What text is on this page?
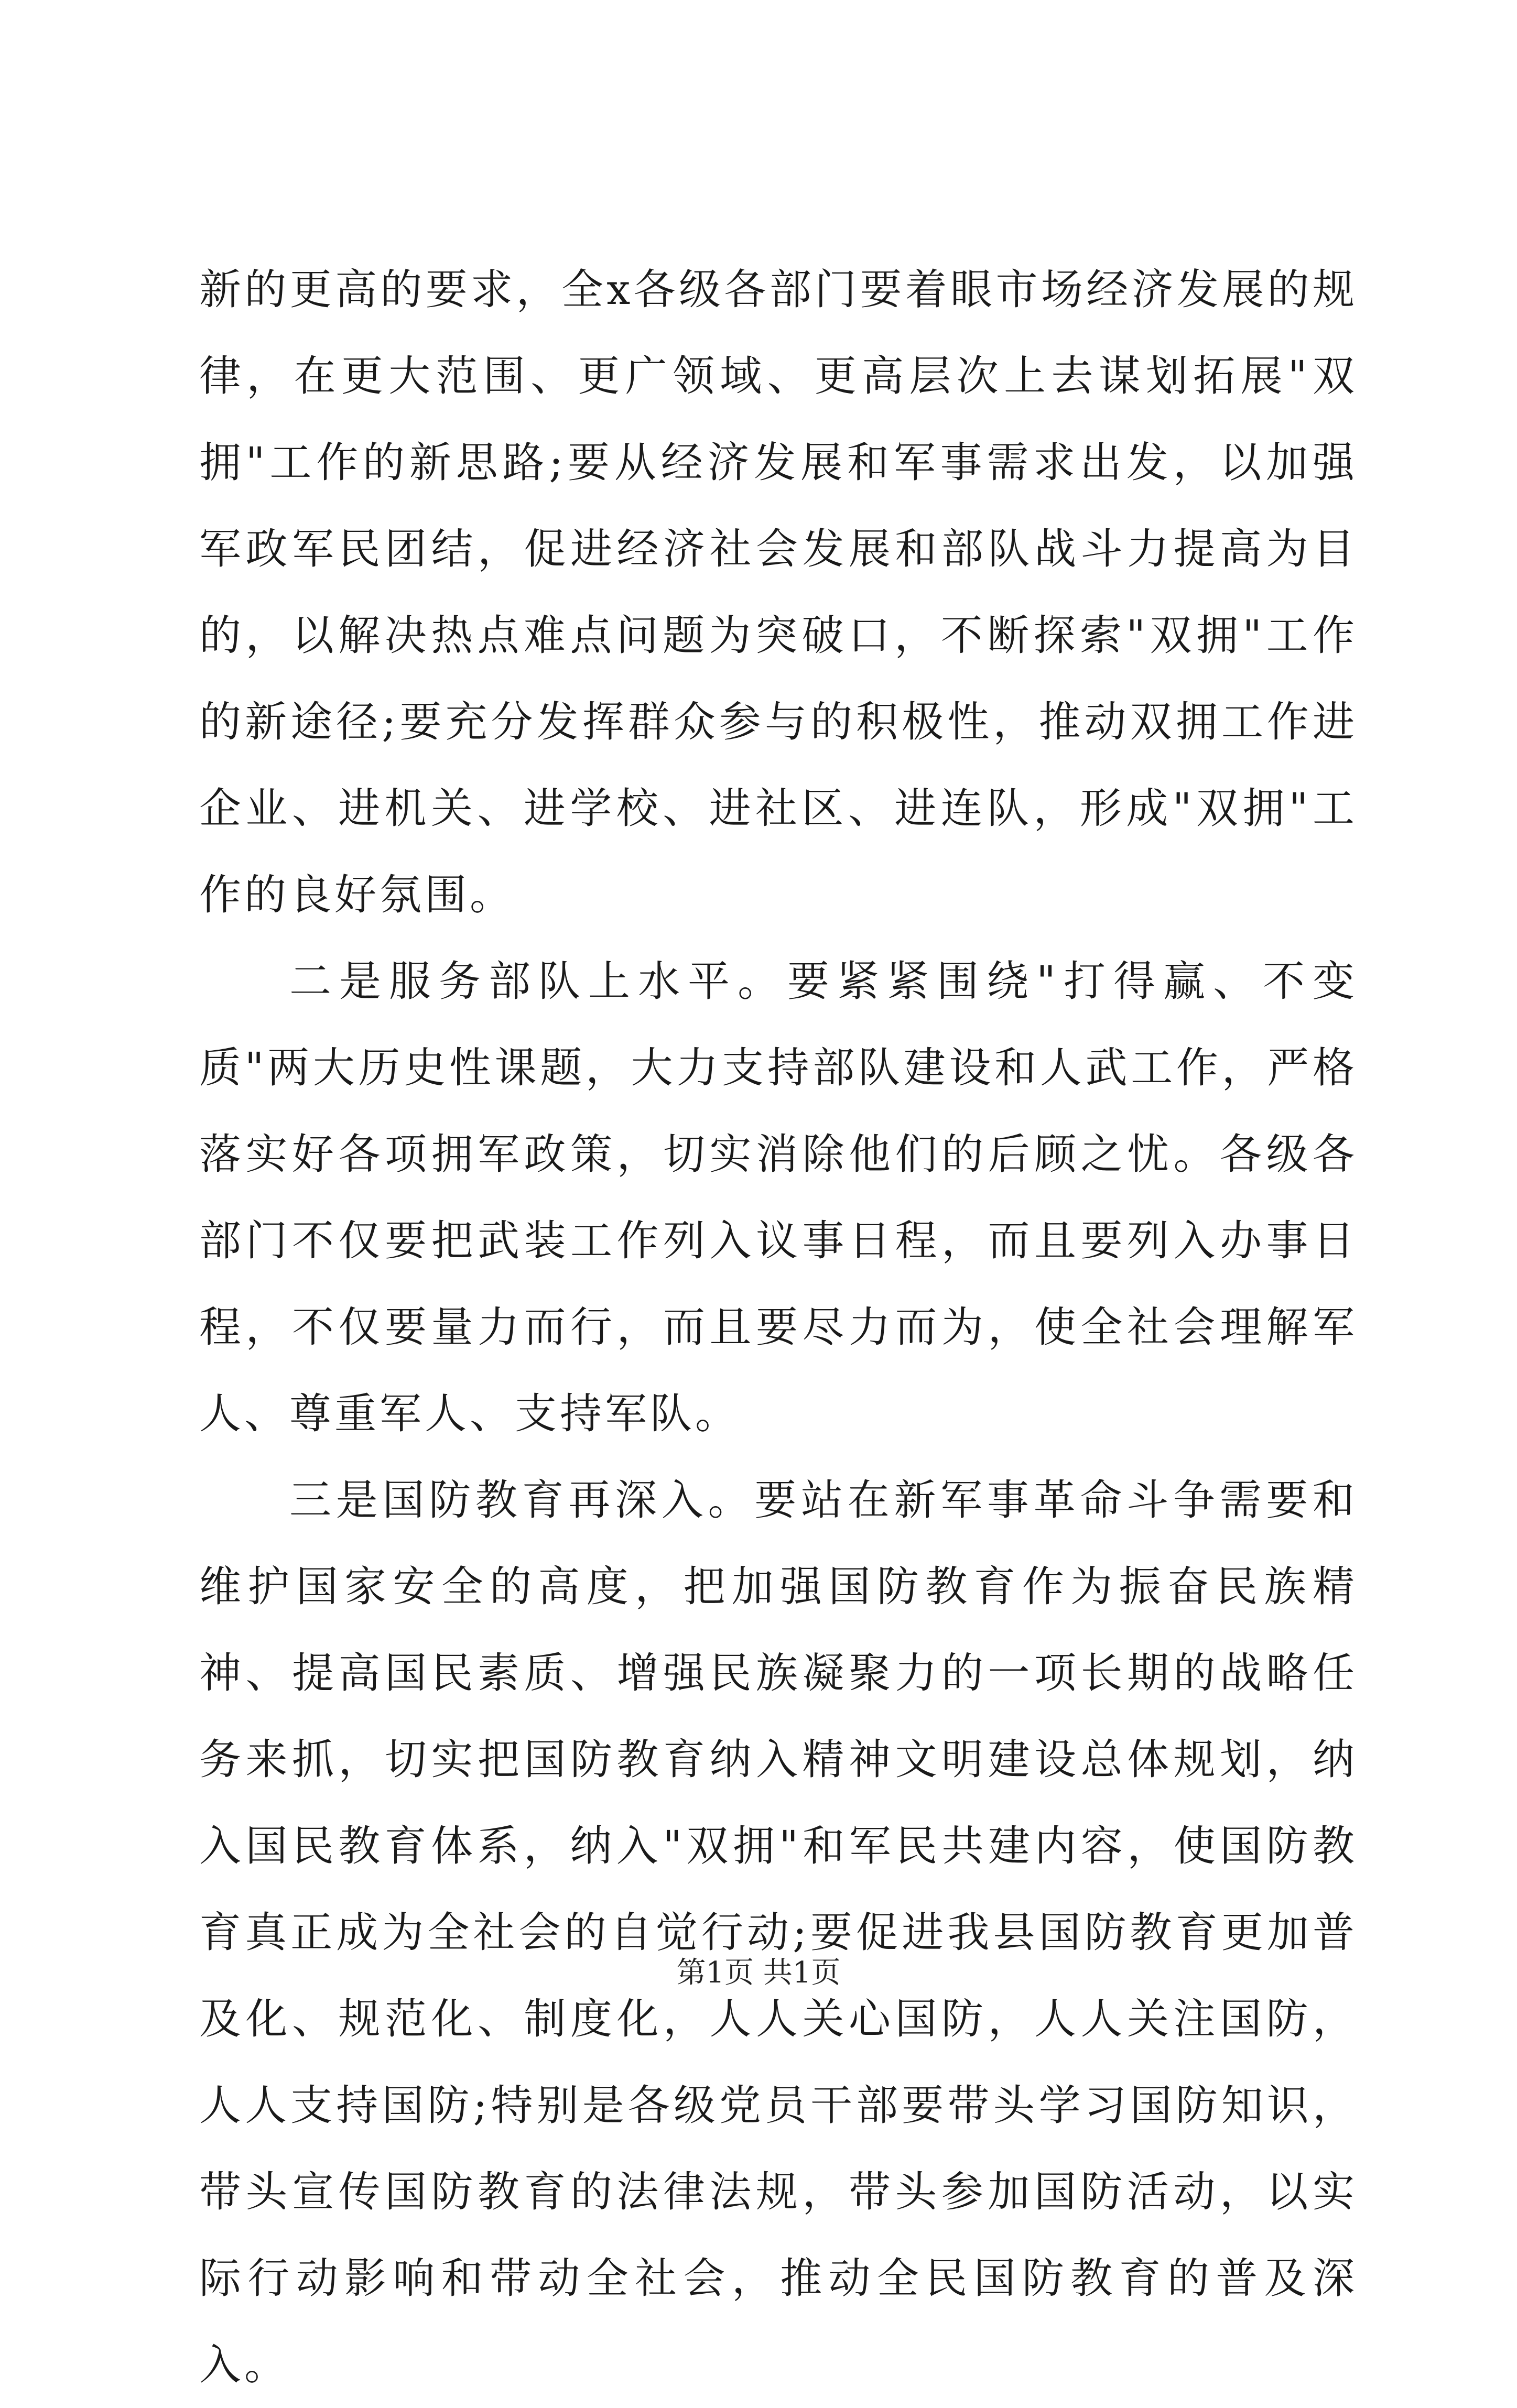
新的更高的要求，全x各级各部门要着眼市场经济发展的规律，在更大范围、更广领域、更高层次上去谋划拓展"双拥"工作的新思路;要从经济发展和军事需求出发，以加强军政军民团结，促进经济社会发展和部队战斗力提高为目的，以解决热点难点问题为突破口，不断探索"双拥"工作的新途径;要充分发挥群众参与的积极性，推动双拥工作进企业、进机关、进学校、进社区、进连队，形成"双拥"工作的良好氛围。

二是服务部队上水平。要紧紧围绕"打得赢、不变质"两大历史性课题，大力支持部队建设和人武工作，严格落实好各项拥军政策，切实消除他们的后顾之忧。各级各部门不仅要把武装工作列入议事日程，而且要列入办事日程，不仅要量力而行，而且要尽力而为，使全社会理解军人、尊重军人、支持军队。

三是国防教育再深入。要站在新军事革命斗争需要和维护国家安全的高度，把加强国防教育作为振奋民族精神、提高国民素质、增强民族凝聚力的一项长期的战略任务来抓，切实把国防教育纳入精神文明建设总体规划，纳入国民教育体系，纳入"双拥"和军民共建内容，使国防教育真正成为全社会的自觉行动;要促进我县国防教育更加普及化、规范化、制度化，人人关心国防，人人关注国防，人人支持国防;特别是各级党员干部要带头学习国防知识，带头宣传国防教育的法律法规，带头参加国防活动，以实际行动影响和带动全社会，推动全民国防教育的普及深入。

第1页 共1页
